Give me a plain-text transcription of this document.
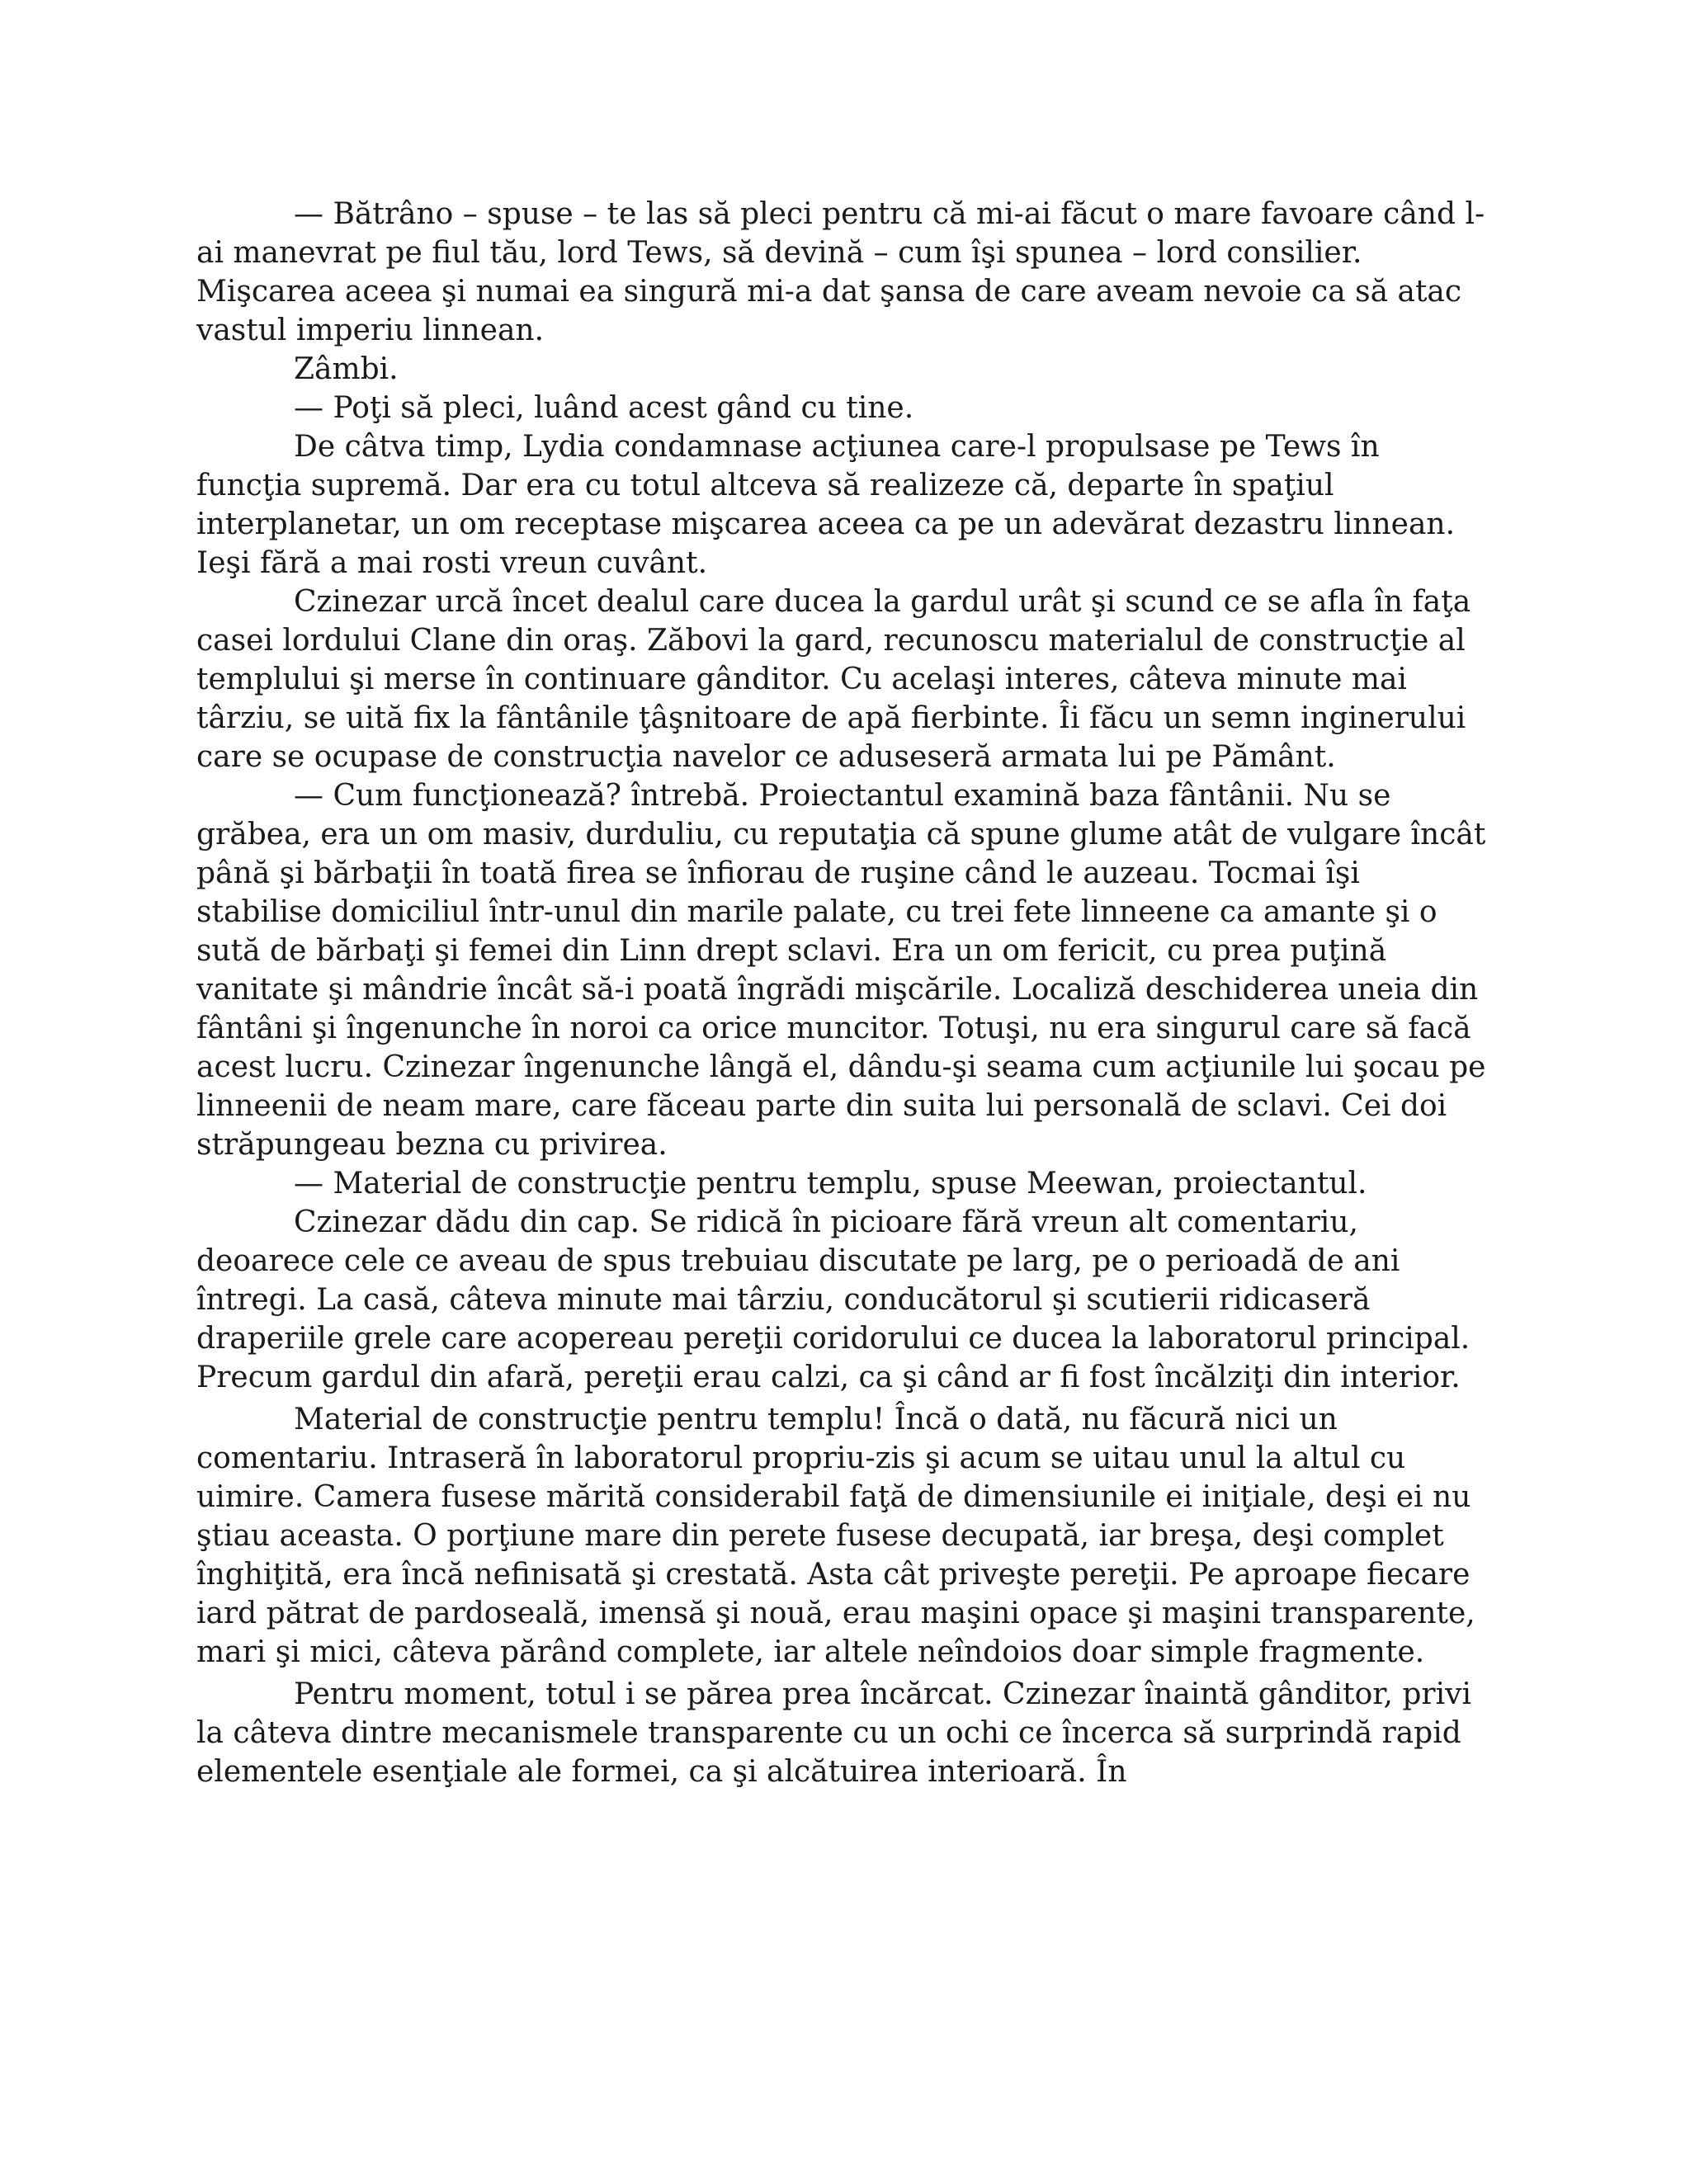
— Bătrâno – spuse – te las să pleci pentru că mi-ai făcut o mare favoare când l-ai manevrat pe fiul tău, lord Tews, să devină – cum îşi spunea – lord consilier. Mişcarea aceea şi numai ea singură mi-a dat şansa de care aveam nevoie ca să atac vastul imperiu linnean.

Zâmbi.

— Poţi să pleci, luând acest gând cu tine.

De câtva timp, Lydia condamnase acţiunea care-l propulsase pe Tews în funcţia supremă. Dar era cu totul altceva să realizeze că, departe în spaţiul interplanetar, un om receptase mişcarea aceea ca pe un adevărat dezastru linnean. Ieşi fără a mai rosti vreun cuvânt.

Czinezar urcă încet dealul care ducea la gardul urât şi scund ce se afla în faţa casei lordului Clane din oraş. Zăbovi la gard, recunoscu materialul de construcţie al templului şi merse în continuare gânditor. Cu acelaşi interes, câteva minute mai târziu, se uită fix la fântânile ţâşnitoare de apă fierbinte. Îi făcu un semn inginerului care se ocupase de construcţia navelor ce aduseseră armata lui pe Pământ.

— Cum funcţionează? întrebă. Proiectantul examină baza fântânii. Nu se grăbea, era un om masiv, durduliu, cu reputaţia că spune glume atât de vulgare încât până şi bărbaţii în toată firea se înfiorau de ruşine când le auzeau. Tocmai îşi stabilise domiciliul într-unul din marile palate, cu trei fete linneene ca amante şi o sută de bărbaţi şi femei din Linn drept sclavi. Era un om fericit, cu prea puţină vanitate şi mândrie încât să-i poată îngrădi mişcările. Localiză deschiderea uneia din fântâni şi îngenunche în noroi ca orice muncitor. Totuşi, nu era singurul care să facă acest lucru. Czinezar îngenunche lângă el, dându-şi seama cum acţiunile lui şocau pe linneenii de neam mare, care făceau parte din suita lui personală de sclavi. Cei doi străpungeau bezna cu privirea.

— Material de construcţie pentru templu, spuse Meewan, proiectantul.

Czinezar dădu din cap. Se ridică în picioare fără vreun alt comentariu, deoarece cele ce aveau de spus trebuiau discutate pe larg, pe o perioadă de ani întregi. La casă, câteva minute mai târziu, conducătorul şi scutierii ridicaseră draperiile grele care acopereau pereţii coridorului ce ducea la laboratorul principal. Precum gardul din afară, pereţii erau calzi, ca şi când ar fi fost încălziţi din interior.

Material de construcţie pentru templu! Încă o dată, nu făcură nici un comentariu. Intraseră în laboratorul propriu-zis şi acum se uitau unul la altul cu uimire. Camera fusese mărită considerabil faţă de dimensiunile ei iniţiale, deşi ei nu ştiau aceasta. O porţiune mare din perete fusese decupată, iar breşa, deşi complet înghiţită, era încă nefinisată şi crestată. Asta cât priveşte pereţii. Pe aproape fiecare iard pătrat de pardoseală, imensă şi nouă, erau maşini opace şi maşini transparente, mari şi mici, câteva părând complete, iar altele neîndoios doar simple fragmente.

Pentru moment, totul i se părea prea încărcat. Czinezar înaintă gânditor, privi la câteva dintre mecanismele transparente cu un ochi ce încerca să surprindă rapid elementele esenţiale ale formei, ca şi alcătuirea interioară. În
